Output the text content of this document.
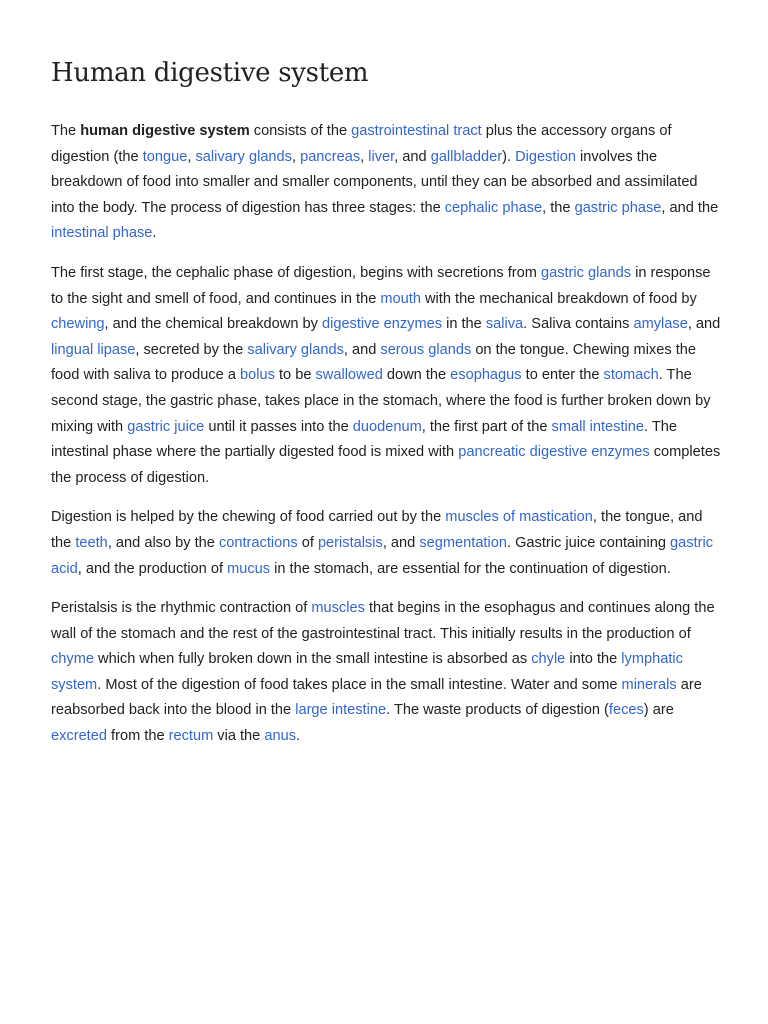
Human digestive system

The human digestive system consists of the gastrointestinal tract plus the accessory organs of digestion (the tongue, salivary glands, pancreas, liver, and gallbladder). Digestion involves the breakdown of food into smaller and smaller components, until they can be absorbed and assimilated into the body. The process of digestion has three stages: the cephalic phase, the gastric phase, and the intestinal phase.

The first stage, the cephalic phase of digestion, begins with secretions from gastric glands in response to the sight and smell of food, and continues in the mouth with the mechanical breakdown of food by chewing, and the chemical breakdown by digestive enzymes in the saliva. Saliva contains amylase, and lingual lipase, secreted by the salivary glands, and serous glands on the tongue. Chewing mixes the food with saliva to produce a bolus to be swallowed down the esophagus to enter the stomach. The second stage, the gastric phase, takes place in the stomach, where the food is further broken down by mixing with gastric juice until it passes into the duodenum, the first part of the small intestine. The intestinal phase where the partially digested food is mixed with pancreatic digestive enzymes completes the process of digestion.

Digestion is helped by the chewing of food carried out by the muscles of mastication, the tongue, and the teeth, and also by the contractions of peristalsis, and segmentation. Gastric juice containing gastric acid, and the production of mucus in the stomach, are essential for the continuation of digestion.

Peristalsis is the rhythmic contraction of muscles that begins in the esophagus and continues along the wall of the stomach and the rest of the gastrointestinal tract. This initially results in the production of chyme which when fully broken down in the small intestine is absorbed as chyle into the lymphatic system. Most of the digestion of food takes place in the small intestine. Water and some minerals are reabsorbed back into the blood in the large intestine. The waste products of digestion (feces) are excreted from the rectum via the anus.
